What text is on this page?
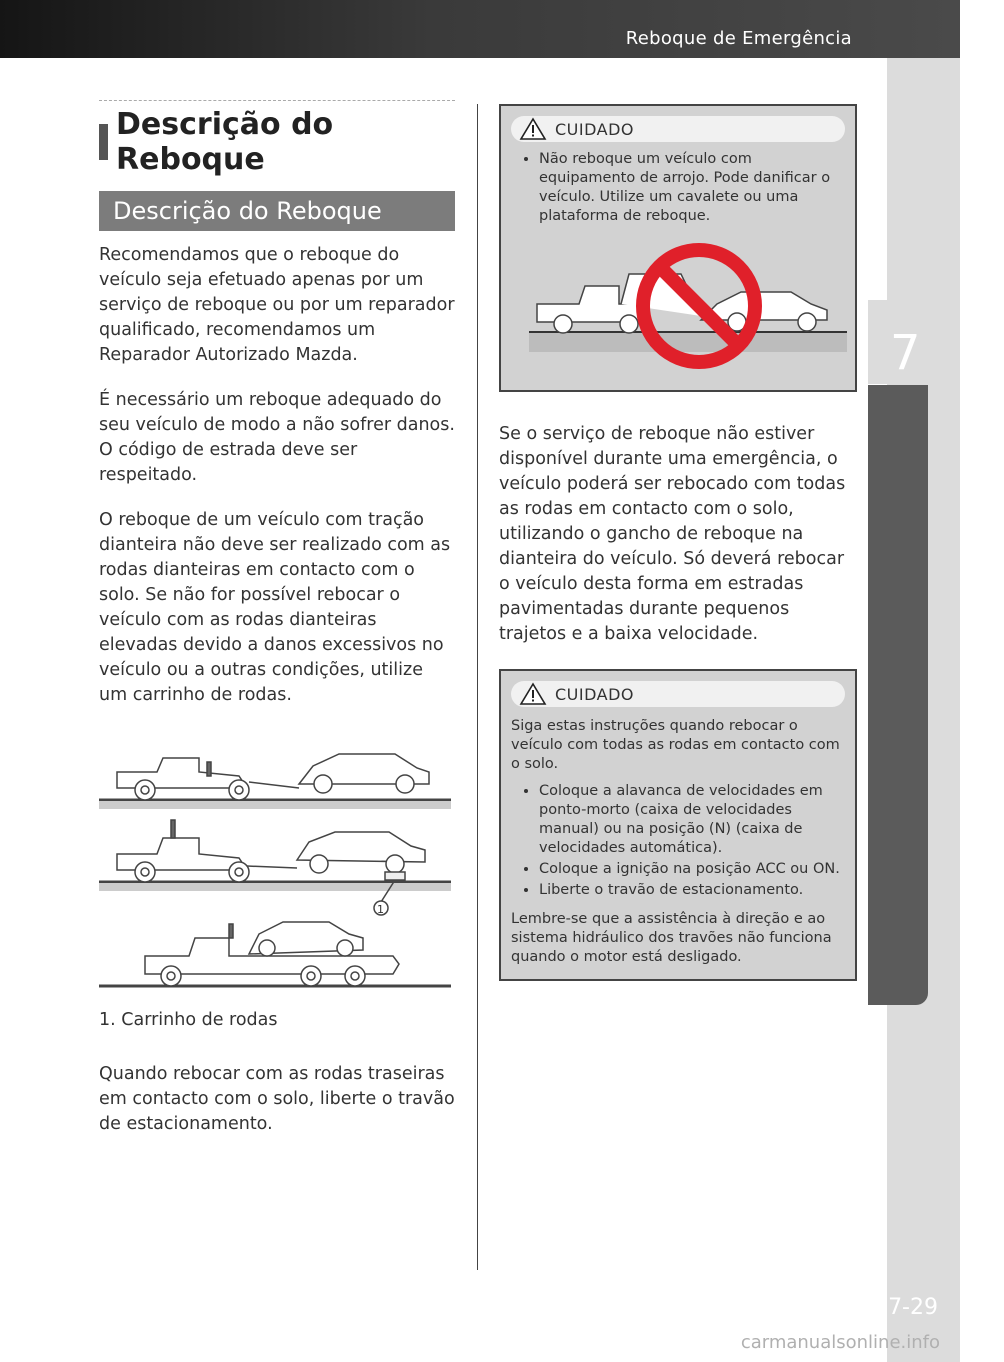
Reboque de Emergência
7
Em Caso de Avaria
7-29
carmanualsonline.info
Descrição do Reboque
Descrição do Reboque
Recomendamos que o reboque do veículo seja efetuado apenas por um serviço de reboque ou por um reparador qualificado, recomendamos um Reparador Autorizado Mazda.
É necessário um reboque adequado do seu veículo de modo a não sofrer danos. O código de estrada deve ser respeitado.
O reboque de um veículo com tração dianteira não deve ser realizado com as rodas dianteiras em contacto com o solo. Se não for possível rebocar o veículo com as rodas dianteiras elevadas devido a danos excessivos no veículo ou a outras condições, utilize um carrinho de rodas.
1
1. Carrinho de rodas
Quando rebocar com as rodas traseiras em contacto com o solo, liberte o travão de estacionamento.
CUIDADO
• Não reboque um veículo com equipamento de arrojo. Pode danificar o veículo. Utilize um cavalete ou uma plataforma de reboque.
Se o serviço de reboque não estiver disponível durante uma emergência, o veículo poderá ser rebocado com todas as rodas em contacto com o solo, utilizando o gancho de reboque na dianteira do veículo. Só deverá rebocar o veículo desta forma em estradas pavimentadas durante pequenos trajetos e a baixa velocidade.
CUIDADO

Siga estas instruções quando rebocar o veículo com todas as rodas em contacto com o solo.

• Coloque a alavanca de velocidades em ponto-morto (caixa de velocidades manual) ou na posição (N) (caixa de velocidades automática).
• Coloque a ignição na posição ACC ou ON.
• Liberte o travão de estacionamento.

Lembre-se que a assistência à direção e ao sistema hidráulico dos travões não funciona quando o motor está desligado.
